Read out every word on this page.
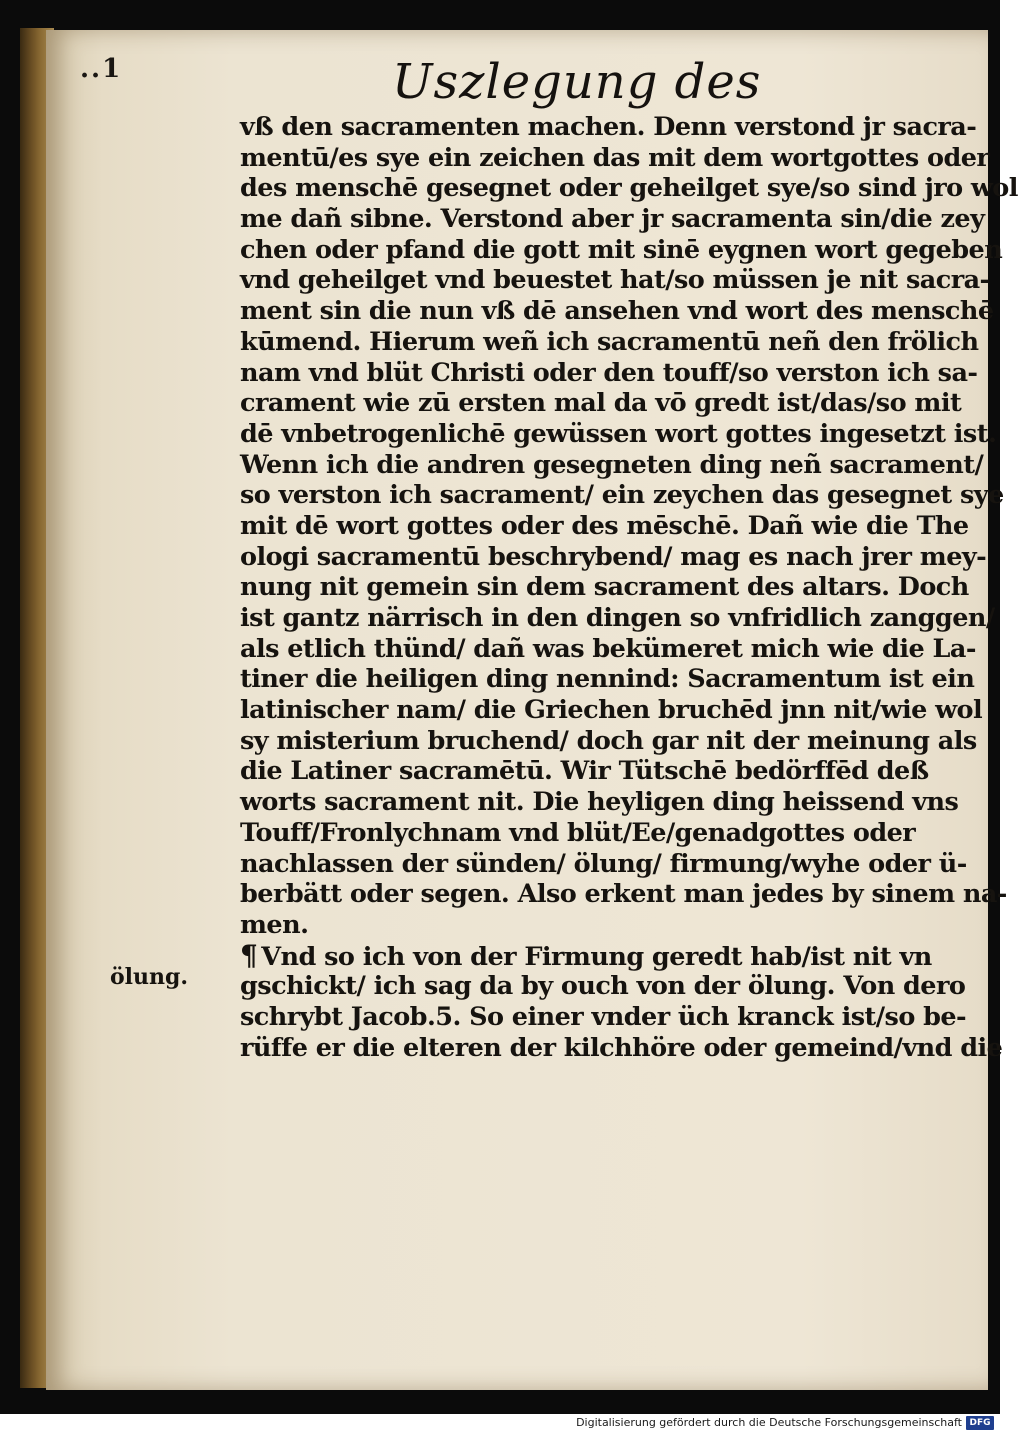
..1	Uszlegung des
ölung.
vß den sacramenten machen. Denn verstond jr sacra-
mentū/es sye ein zeichen das mit dem wortgottes oder
des menschē gesegnet oder geheilget sye/so sind jro wol
me dañ sibne. Verstond aber jr sacramenta sin/die zey
chen oder pfand die gott mit sinē eygnen wort gegeben
vnd geheilget vnd beuestet hat/so müssen je nit sacra-
ment sin die nun vß dē ansehen vnd wort des menschē
kūmend. Hierum weñ ich sacramentū neñ den frölich
nam vnd blüt Christi oder den touff/so verston ich sa-
crament wie zū ersten mal da vō gredt ist/das/so mit
dē vnbetrogenlichē gewüssen wort gottes ingesetzt ist.
Wenn ich die andren gesegneten ding neñ sacrament/
so verston ich sacrament/ ein zeychen das gesegnet sye
mit dē wort gottes oder des mēschē. Dañ wie die The
ologi sacramentū beschrybend/ mag es nach jrer mey-
nung nit gemein sin dem sacrament des altars. Doch
ist gantz närrisch in den dingen so vnfridlich zanggen/
als etlich thünd/ dañ was bekümeret mich wie die La-
tiner die heiligen ding nennind: Sacramentum ist ein
latinischer nam/ die Griechen bruchēd jnn nit/wie wol
sy misterium bruchend/ doch gar nit der meinung als
die Latiner sacramētū. Wir Tütschē bedörffēd deß
worts sacrament nit. Die heyligen ding heissend vns
Touff/Fronlychnam vnd blüt/Ee/genadgottes oder
nachlassen der sünden/ ölung/ firmung/wyhe oder ü-
berbätt oder segen. Also erkent man jedes by sinem na-
men.
¶ Vnd so ich von der Firmung geredt hab/ist nit vn
gschickt/ ich sag da by ouch von der ölung. Von dero
schrybt Jacob.5. So einer vnder üch kranck ist/so be-
rüffe er die elteren der kilchhöre oder gemeind/vnd die
Digitalisierung gefördert durch die Deutsche Forschungsgemeinschaft DFG
